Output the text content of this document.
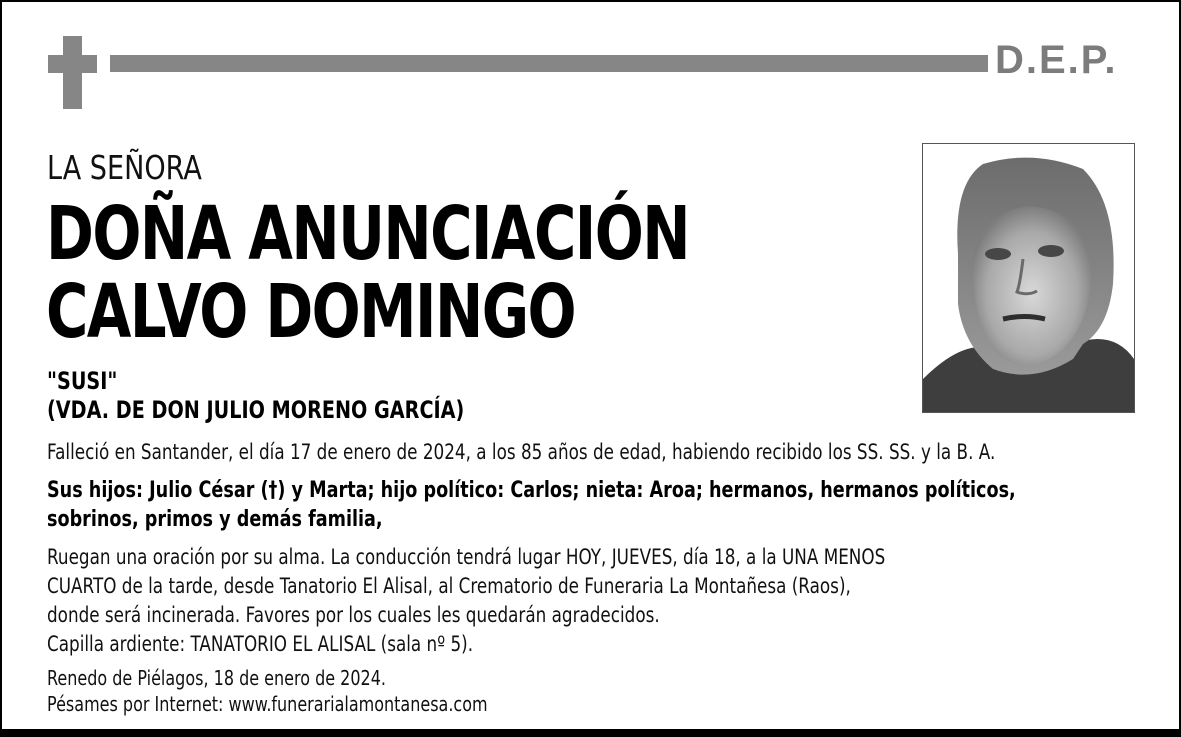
D.E.P.
LA SEÑORA
DOÑA ANUNCIACIÓN
CALVO DOMINGO
"SUSI"
(VDA. DE DON JULIO MORENO GARCÍA)
Falleció en Santander, el día 17 de enero de 2024, a los 85 años de edad, habiendo recibido los SS. SS. y la B. A.
Sus hijos: Julio César (†) y Marta; hijo político: Carlos; nieta: Aroa; hermanos, hermanos políticos,
sobrinos, primos y demás familia,
Ruegan una oración por su alma. La conducción tendrá lugar HOY, JUEVES, día 18, a la UNA MENOS
CUARTO de la tarde, desde Tanatorio El Alisal, al Crematorio de Funeraria La Montañesa (Raos),
donde será incinerada. Favores por los cuales les quedarán agradecidos.
Capilla ardiente: TANATORIO EL ALISAL (sala nº 5).
Renedo de Piélagos, 18 de enero de 2024.
Pésames por Internet: www.funerarialamontanesa.com
